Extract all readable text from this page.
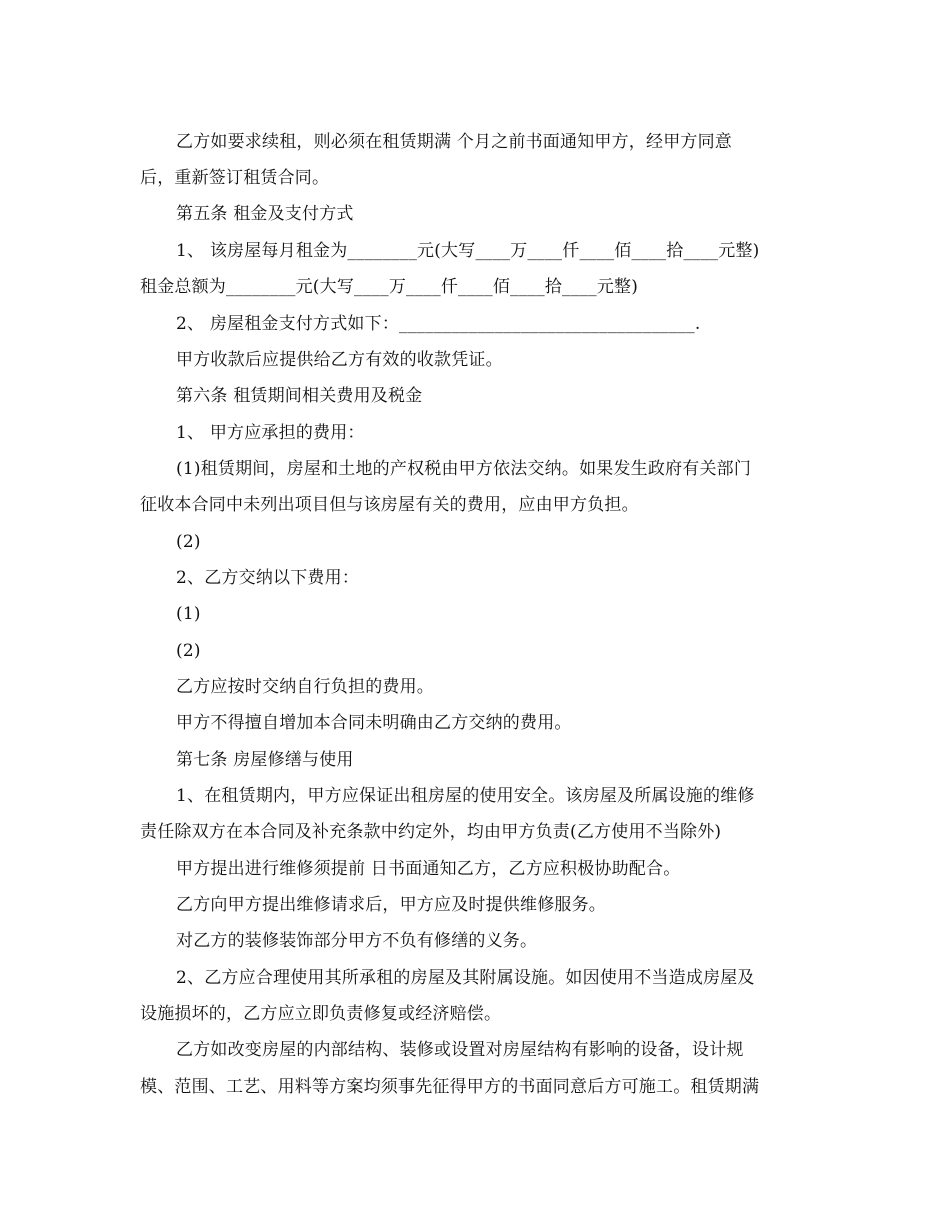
乙方如要求续租，则必须在租赁期满 个月之前书面通知甲方，经甲方同意
后，重新签订租赁合同。
第五条 租金及支付方式
1、 该房屋每月租金为________元(大写____万____仟____佰____拾____元整)
租金总额为________元(大写____万____仟____佰____拾____元整)
2、 房屋租金支付方式如下：__________________________________.
甲方收款后应提供给乙方有效的收款凭证。
第六条 租赁期间相关费用及税金
1、 甲方应承担的费用：
(1)租赁期间，房屋和土地的产权税由甲方依法交纳。如果发生政府有关部门
征收本合同中未列出项目但与该房屋有关的费用，应由甲方负担。
(2)
2、乙方交纳以下费用：
(1)
(2)
乙方应按时交纳自行负担的费用。
甲方不得擅自增加本合同未明确由乙方交纳的费用。
第七条 房屋修缮与使用
1、在租赁期内，甲方应保证出租房屋的使用安全。该房屋及所属设施的维修
责任除双方在本合同及补充条款中约定外，均由甲方负责(乙方使用不当除外)
甲方提出进行维修须提前 日书面通知乙方，乙方应积极协助配合。
乙方向甲方提出维修请求后，甲方应及时提供维修服务。
对乙方的装修装饰部分甲方不负有修缮的义务。
2、乙方应合理使用其所承租的房屋及其附属设施。如因使用不当造成房屋及
设施损坏的，乙方应立即负责修复或经济赔偿。
乙方如改变房屋的内部结构、装修或设置对房屋结构有影响的设备，设计规
模、范围、工艺、用料等方案均须事先征得甲方的书面同意后方可施工。租赁期满
